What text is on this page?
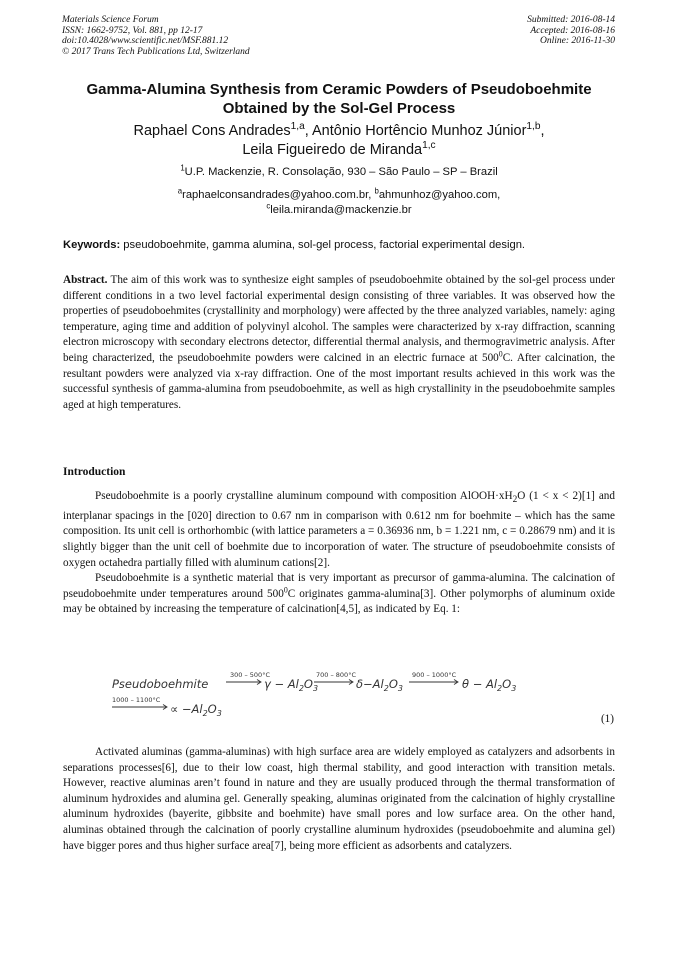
Materials Science Forum
ISSN: 1662-9752, Vol. 881, pp 12-17
doi:10.4028/www.scientific.net/MSF.881.12
© 2017 Trans Tech Publications Ltd, Switzerland
Submitted: 2016-08-14
Accepted: 2016-08-16
Online: 2016-11-30
Gamma-Alumina Synthesis from Ceramic Powders of Pseudoboehmite
Obtained by the Sol-Gel Process
Raphael Cons Andrades$^{1,a}$, Antônio Hortêncio Munhoz Júnior$^{1,b}$,
Leila Figueiredo de Miranda$^{1,c}$
$^1$U.P. Mackenzie, R. Consolação, 930 – São Paulo – SP – Brazil
$^a$raphaelconsandrades@yahoo.com.br, $^b$ahmunhoz@yahoo.com,
$^c$leila.miranda@mackenzie.br
Keywords: pseudoboehmite, gamma alumina, sol-gel process, factorial experimental design.
Abstract. The aim of this work was to synthesize eight samples of pseudoboehmite obtained by the sol-gel process under different conditions in a two level factorial experimental design consisting of three variables. It was observed how the properties of pseudoboehmites (crystallinity and morphology) were affected by the three analyzed variables, namely: aging temperature, aging time and addition of polyvinyl alcohol. The samples were characterized by x-ray diffraction, scanning electron microscopy with secondary electrons detector, differential thermal analysis, and thermogravimetric analysis. After being characterized, the pseudoboehmite powders were calcined in an electric furnace at $500^0C$. After calcination, the resultant powders were analyzed via x-ray diffraction. One of the most important results achieved in this work was the successful synthesis of gamma-alumina from pseudoboehmite, as well as high crystallinity in the pseudoboehmite samples aged at high temperatures.
Introduction

Pseudoboehmite is a poorly crystalline aluminum compound with composition $AlOOH\cdot xH_2O$ (1 < x < 2)[1] and interplanar spacings in the [020] direction to 0.67 nm in comparison with 0.612 nm for boehmite – which has the same composition. Its unit cell is orthorhombic (with lattice parameters a = 0.36936 nm, b = 1.221 nm, c = 0.28679 nm) and it is slightly bigger than the unit cell of boehmite due to incorporation of water. The structure of pseudoboehmite consists of oxygen octahedra partially filled with aluminum cations[2].

Pseudoboehmite is a synthetic material that is very important as precursor of gamma-alumina. The calcination of pseudoboehmite under temperatures around $500^0C$ originates gamma-alumina[3]. Other polymorphs of aluminum oxide may be obtained by increasing the temperature of calcination[4,5], as indicated by Eq. 1:

Pseudoboehmite
300 – 500°C
$\gamma - Al_2O_3$
700 – 800°C
$\delta-Al_2O_3$
900 – 1000°C
$\theta - Al_2O_3$
1000 – 1100°C
∝ $-Al_2O_3$	(1)

Activated aluminas (gamma-aluminas) with high surface area are widely employed as catalyzers and adsorbents in separations processes[6], due to their low coast, high thermal stability, and good interaction with transition metals. However, reactive aluminas aren’t found in nature and they are usually produced through the thermal transformation of aluminum hydroxides and alumina gel. Generally speaking, aluminas originated from the calcination of highly crystalline aluminum hydroxides (bayerite, gibbsite and boehmite) have small pores and low surface area. On the other hand, aluminas obtained through the calcination of poorly crystalline aluminum hydroxides (pseudoboehmite and alumina gel) have bigger pores and thus higher surface area[7], being more efficient as adsorbents and catalyzers.
